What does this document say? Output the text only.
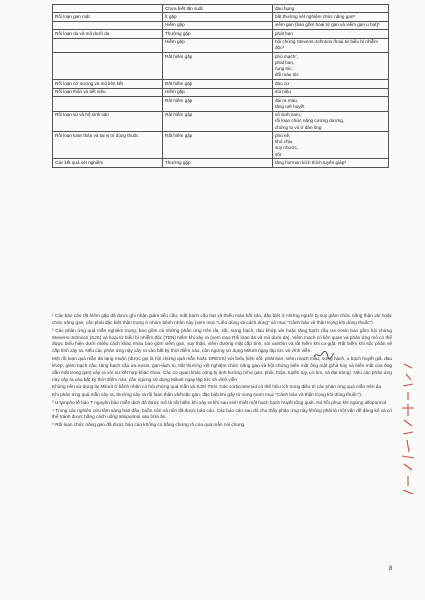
	Chưa biết tần suất	đau bụng
Rối loạn gan mật	Ít gặp	bất thường xét nghiệm chức năng gan⁵
	Hiếm gặp	viêm gan (bao gồm hoại tử gan và viêm gan u hạt)⁵
Rối loạn da và mô dưới da	Thường gặp	phát ban
	Hiếm gặp	hội chứng Stevens-Johnson /hoại tử biểu bì nhiễm độc⁶
	Rất hiếm gặp	phù mạch⁷,
phát ban,
rụng tóc,
đổi màu tóc
Rối loạn cơ xương và mô liên kết	Rất hiếm gặp	đau cơ
Rối loạn thận và tiết niệu	Hiếm gặp	sỏi niệu
	Rất hiếm gặp	đái ra máu,
tăng urê huyết
Rối loạn vú và hệ sinh sản	Rất hiếm gặp	vô sinh nam,
rối loạn chức năng cương dương,
chứng to vú ở đàn ông
Rối loạn toàn thân và tại vị trí dùng thuốc	Rất hiếm gặp	phù nề,
khó chịu,
suy nhược,
sốt
Các kết quả xét nghiệm	Thường gặp	tăng hormon kích thích tuyến giáp⁸

¹ Các báo cáo rất hiếm gặp đã được ghi nhận giảm tiểu cầu, mất bạch cầu hạt và thiếu máu bất sản, đặc biệt ở những người bị suy giảm chức năng thận và/ hoặc chức năng gan, cần phải đặc biệt thận trọng ở nhóm bệnh nhân này (xem mục “Liều dùng và cách dùng” và mục “Cảnh báo và thận trọng khi dùng thuốc”).

² Các phản ứng quá mẫn nghiêm trọng, bao gồm cả những phản ứng trên da, sốt, sưng hạch, đau khớp và/ hoặc tăng bạch cầu ưa eosin bao gồm hội chứng Stevens-Johnson (SJS) và hoại tử biểu bì nhiễm độc (TEN) hiếm khi xảy ra (xem mục Rối loạn da và mô dưới da). Viêm mạch có liên quan và phản ứng mô có thể được biểu hiện dưới nhiều cách khác nhau bao gồm viêm gan, suy thận, viêm đường mật cấp tính, sỏi xanthin và rất hiếm khi co giật. Rất hiếm khi sốc phản vệ cấp tính xảy ra. Nếu các phản ứng này xảy ra vào bất kỳ thời điểm nào, cần ngừng sử dụng Milurit ngay lập tức và vĩnh viễn.

Một rối loạn quá mẫn đa tạng muộn (được gọi là hội chứng quá mẫn hoặc DRESS) với biểu hiện sốt, phát ban, viêm mạch máu, sưng hạch, u bạch huyết giả, đau khớp, giảm bạch cầu, tăng bạch cầu ưa eosin, gan-lách to, bất thường xét nghiệm chức năng gan và hội chứng biến mất ống mật (phá hủy và biến mất của ống dẫn mật trong gan) xảy ra với sự kết hợp khác nhau. Các cơ quan khác cũng bị ảnh hưởng (như gan, phổi, thận, tuyến tụy, cơ tim, và đại tràng). Nếu các phản ứng này xảy ra vào bất kỳ thời điểm nào, cần ngừng sử dụng Milurit ngay lập tức và vĩnh viễn.

Không nên sử dụng lại Milurit ở bệnh nhân có hội chứng quá mẫn và SJS/ TEN. Các corticosteroid có thể hữu ích trong điều trị các phản ứng quá mẫn trên da.

Khi phản ứng quá mẫn xảy ra, thường xảy ra rối loạn thận và/hoặc gan, đặc biệt khi gây tử vong (xem mục “Cảnh báo và thận trọng khi dùng thuốc”).

³ U lympho tế bào T nguyên bào miễn dịch đã được mô tả rất hiếm khi xảy ra khi sau sinh thiết một hạch bạch huyết tổng quát. Nó hồi phục khi ngừng allopurinol.

⁴ Trong các nghiên cứu lâm sàng ban đầu, buồn nôn và nôn đã được báo cáo. Các báo cáo sau đó cho thấy phản ứng này không phải là một vấn đề đáng kể và có thể tránh được bằng cách uống allopurinol sau bữa ăn.

⁵ Rối loạn chức năng gan đã được báo cáo không có bằng chứng rõ của quá mẫn nói chung.

8
